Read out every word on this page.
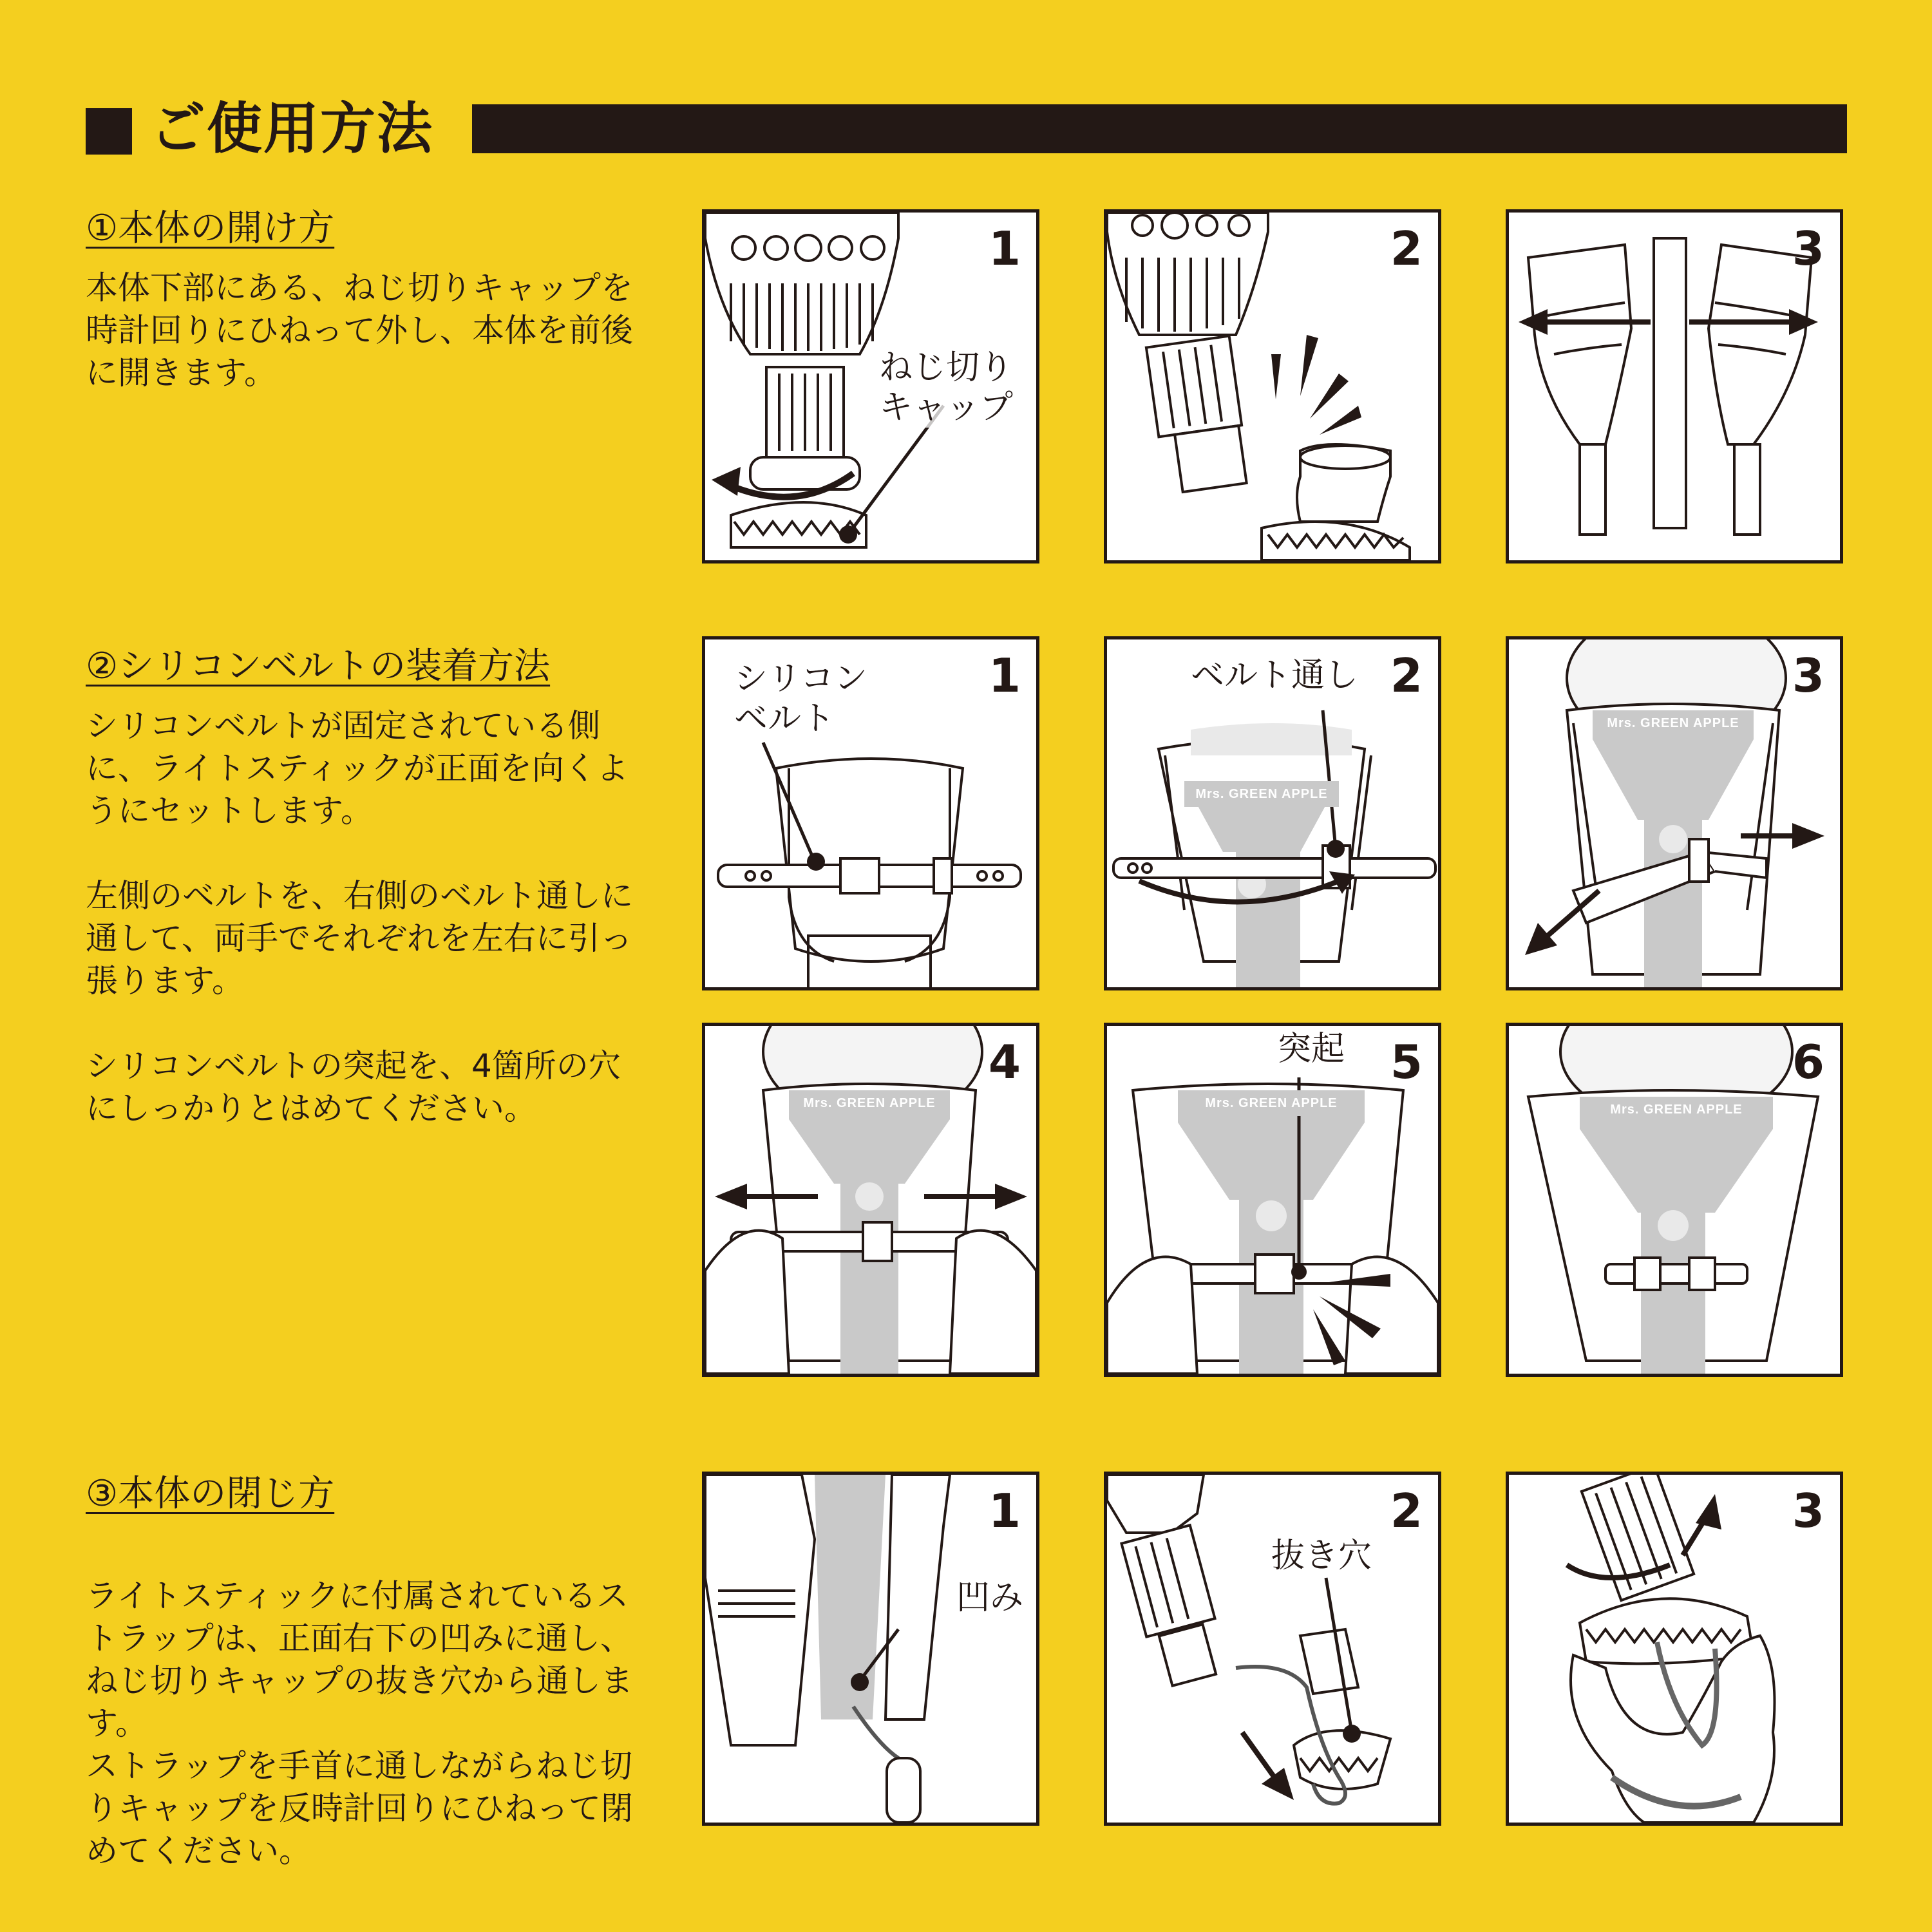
ご使用方法
①本体の開け方

本体下部にある、ねじ切りキャップを時計回りにひねって外し、本体を前後に開きます。

②シリコンベルトの装着方法

シリコンベルトが固定されている側に、ライトスティックが正面を向くようにセットします。

左側のベルトを、右側のベルト通しに通して、両手でそれぞれを左右に引っ張ります。

シリコンベルトの突起を、4箇所の穴にしっかりとはめてください。

③本体の閉じ方

ライトスティックに付属されているストラップは、正面右下の凹みに通し、ねじ切りキャップの抜き穴から通します。
ストラップを手首に通しながらねじ切りキャップを反時計回りにひねって閉めてください。

1
ねじ切り
キャップ
2	3
1
シリコン
ベルト
Mrs. GREEN APPLE
2
ベルト通し
Mrs. GREEN APPLE
3
Mrs. GREEN APPLE
4
Mrs. GREEN APPLE
5
突起
Mrs. GREEN APPLE
6
1
凹み
2
抜き穴
3
